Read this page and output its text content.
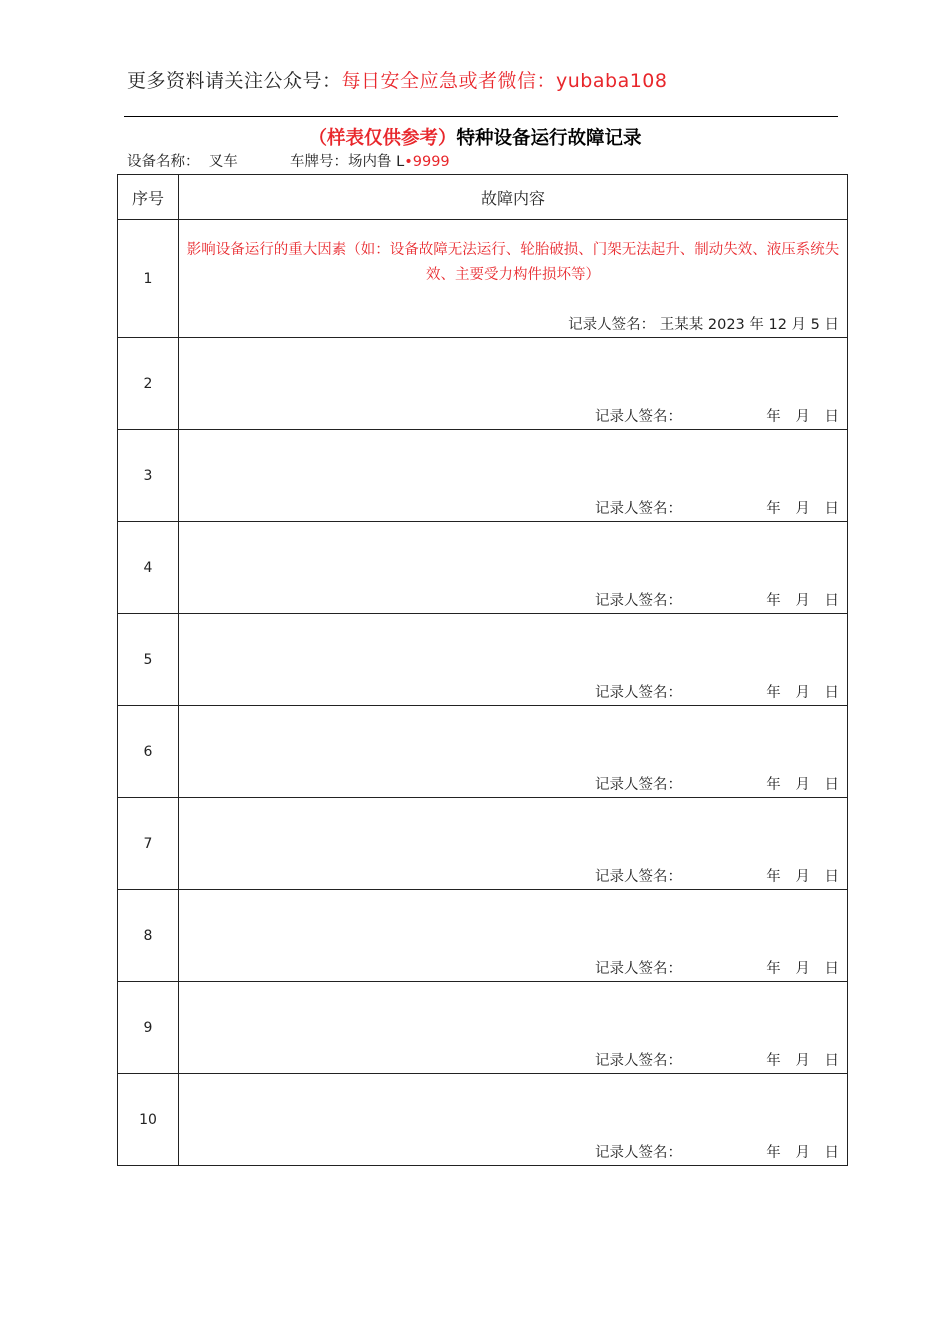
更多资料请关注公众号：每日安全应急或者微信：yubaba108
（样表仅供参考）特种设备运行故障记录
设备名称： 叉车	车牌号：场内鲁 L•9999
序号	故障内容
1	影响设备运行的重大因素（如：设备故障无法运行、轮胎破损、门架无法起升、制动失效、液压系统失效、主要受力构件损坏等）
记录人签名： 王某某 2023 年 12 月 5 日

2	记录人签名： 年 月 日

3	记录人签名： 年 月 日

4	记录人签名： 年 月 日

5	记录人签名： 年 月 日

6	记录人签名： 年 月 日

7	记录人签名： 年 月 日

8	记录人签名： 年 月 日

9	记录人签名： 年 月 日

10	记录人签名： 年 月 日
